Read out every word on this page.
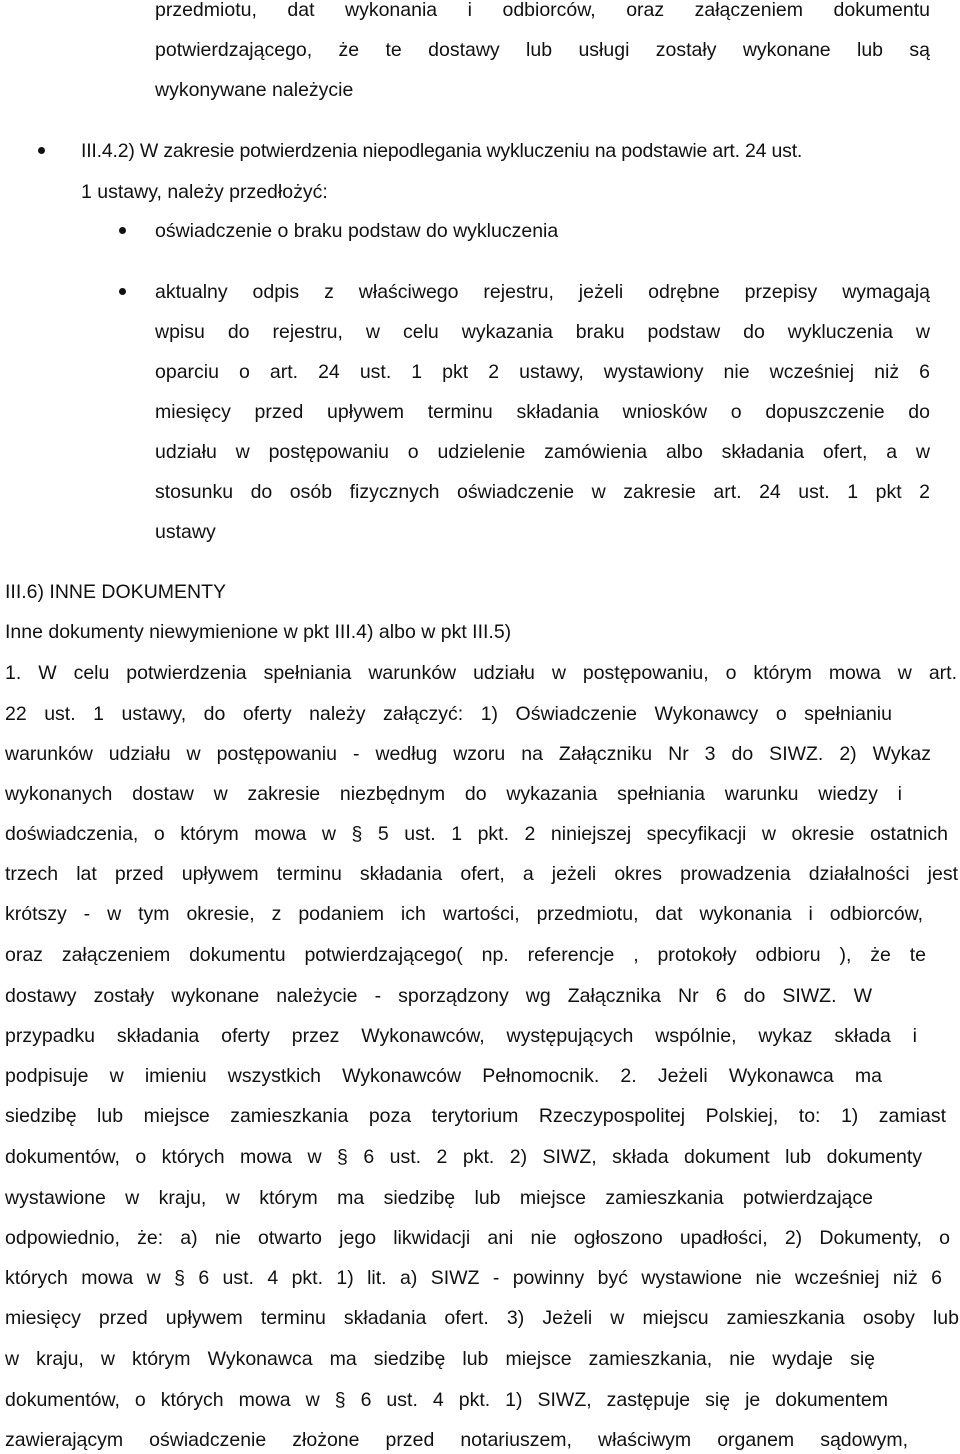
przedmiotu, dat wykonania i odbiorców, oraz załączeniem dokumentu
potwierdzającego, że te dostawy lub usługi zostały wykonane lub są
wykonywane należycie
III.4.2) W zakresie potwierdzenia niepodlegania wykluczeniu na podstawie art. 24 ust.
1 ustawy, należy przedłożyć:
oświadczenie o braku podstaw do wykluczenia
aktualny odpis z właściwego rejestru, jeżeli odrębne przepisy wymagają
wpisu do rejestru, w celu wykazania braku podstaw do wykluczenia w
oparciu o art. 24 ust. 1 pkt 2 ustawy, wystawiony nie wcześniej niż 6
miesięcy przed upływem terminu składania wniosków o dopuszczenie do
udziału w postępowaniu o udzielenie zamówienia albo składania ofert, a w
stosunku do osób fizycznych oświadczenie w zakresie art. 24 ust. 1 pkt 2
ustawy
III.6) INNE DOKUMENTY
Inne dokumenty niewymienione w pkt III.4) albo w pkt III.5)
1. W celu potwierdzenia spełniania warunków udziału w postępowaniu, o którym mowa w art.
22 ust. 1 ustawy, do oferty należy załączyć: 1) Oświadczenie Wykonawcy o spełnianiu
warunków udziału w postępowaniu - według wzoru na Załączniku Nr 3 do SIWZ. 2) Wykaz
wykonanych dostaw w zakresie niezbędnym do wykazania spełniania warunku wiedzy i
doświadczenia, o którym mowa w § 5 ust. 1 pkt. 2 niniejszej specyfikacji w okresie ostatnich
trzech lat przed upływem terminu składania ofert, a jeżeli okres prowadzenia działalności jest
krótszy - w tym okresie, z podaniem ich wartości, przedmiotu, dat wykonania i odbiorców,
oraz załączeniem dokumentu potwierdzającego( np. referencje , protokoły odbioru ), że te
dostawy zostały wykonane należycie - sporządzony wg Załącznika Nr 6 do SIWZ. W
przypadku składania oferty przez Wykonawców, występujących wspólnie, wykaz składa i
podpisuje w imieniu wszystkich Wykonawców Pełnomocnik. 2. Jeżeli Wykonawca ma
siedzibę lub miejsce zamieszkania poza terytorium Rzeczypospolitej Polskiej, to: 1) zamiast
dokumentów, o których mowa w § 6 ust. 2 pkt. 2) SIWZ, składa dokument lub dokumenty
wystawione w kraju, w którym ma siedzibę lub miejsce zamieszkania potwierdzające
odpowiednio, że: a) nie otwarto jego likwidacji ani nie ogłoszono upadłości, 2) Dokumenty, o
których mowa w § 6 ust. 4 pkt. 1) lit. a) SIWZ - powinny być wystawione nie wcześniej niż 6
miesięcy przed upływem terminu składania ofert. 3) Jeżeli w miejscu zamieszkania osoby lub
w kraju, w którym Wykonawca ma siedzibę lub miejsce zamieszkania, nie wydaje się
dokumentów, o których mowa w § 6 ust. 4 pkt. 1) SIWZ, zastępuje się je dokumentem
zawierającym oświadczenie złożone przed notariuszem, właściwym organem sądowym,
